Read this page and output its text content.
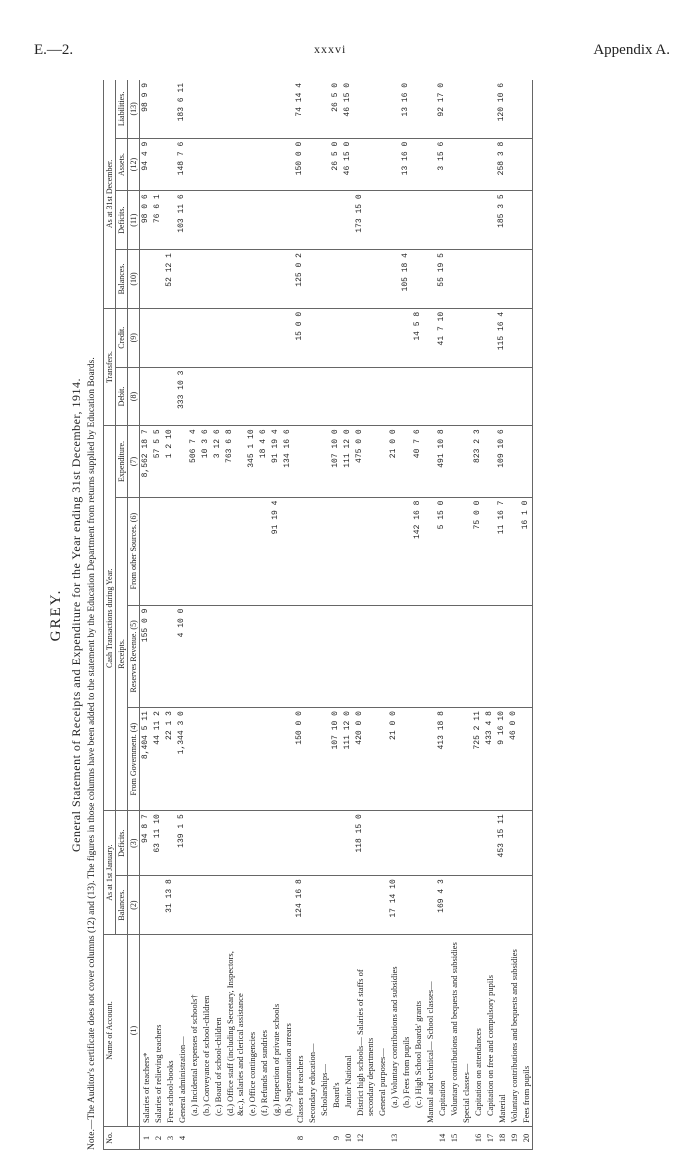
E.—2.	xxxvi	Appendix A.
GREY. General Statement of Receipts and Expenditure for the Year ending 31st December, 1914. Note.—The Auditor's certificate does not cover columns (12) and (13). The figures in those columns have been added to the statement by the Education Department from returns supplied by Education Boards. No.	Name of Account.	As at 1st January.		Cash Transactions during Year.				Transfers.		As at 31st December.			
		Balances.	Deficits.	Receipts.			Expenditure.	Debit.	Credit.	Balances.	Deficits.	Assets.	Liabilities.
	(1)	(2)	(3)	From Government. (4)	Reserves Revenue. (5)	From other Sources. (6)	(7)	(8)	(9)	(10)	(11)	(12)	(13)
1	Salaries of teachers*		94 8 7	8,404 5 11	155 0 9		8,562 18 7				98 0 6	94 4 9	98 9 9
2	Salaries of relieving teachers		63 11 10	44 11 2			57 5 5				76 6 1		
3	Free school-books	31 13 8		22 1 3			1 2 10			52 12 1			
4	General administration—		139 1 5	1,344 3 0	4 10 0			333 10 3			103 11 6	148 7 6	183 6 11
	(a.) Incidental expenses of schools†						506 7 4						
	(b.) Conveyance of school-children						10 3 6						
	(c.) Board of school-children						3 12 6						
	(d.) Office staff (including Secretary, Inspectors, &c.), salaries and clerical assistance						763 6 8						
	(e.) Office contingencies						345 1 10						
	(f.) Refunds and sundries						18 4 6						
	(g.) Inspection of private schools					91 19 4	91 19 4						
	(h.) Superannuation arrears						134 16 6						
8	Classes for teachers	124 16 8		150 0 0					15 0 0	125 0 2		150 0 0	74 14 4
	Secondary education—												
	Scholarships—												
9	Board's			107 10 0			107 10 0					26 5 0	26 5 0
10	Junior National			111 12 0			111 12 0					46 15 0	46 15 0
12	District high schools— Salaries of staffs of secondary departments		118 15 0	420 0 0			475 0 0				173 15 0		
	General purposes—												
13	(a.) Voluntary contributions and subsidies	17 14 10		21 0 0			21 0 0						
	(b.) Fees from pupils									105 18 4		13 16 0	13 16 0
	(c.) High School Boards' grants					142 16 8	40 7 6		14 5 8				
	Manual and technical— School classes—												
14	Capitation	169 4 3		413 18 8		5 15 0	491 10 8		41 7 10	55 19 5		3 15 6	92 17 0
15	Voluntary contributions and bequests and subsidies												
	Special classes—												
16	Capitation on attendances			725 2 11		75 0 0	823 2 3						
17	Capitation on free and compulsory pupils			433 4 8									
18	Material		453 15 11	9 16 10		11 16 7	109 10 6		115 16 4		185 3 5	258 3 8	120 10 6
19	Voluntary contributions and bequests and subsidies			46 0 0									
20	Fees from pupils					16 1 0							
